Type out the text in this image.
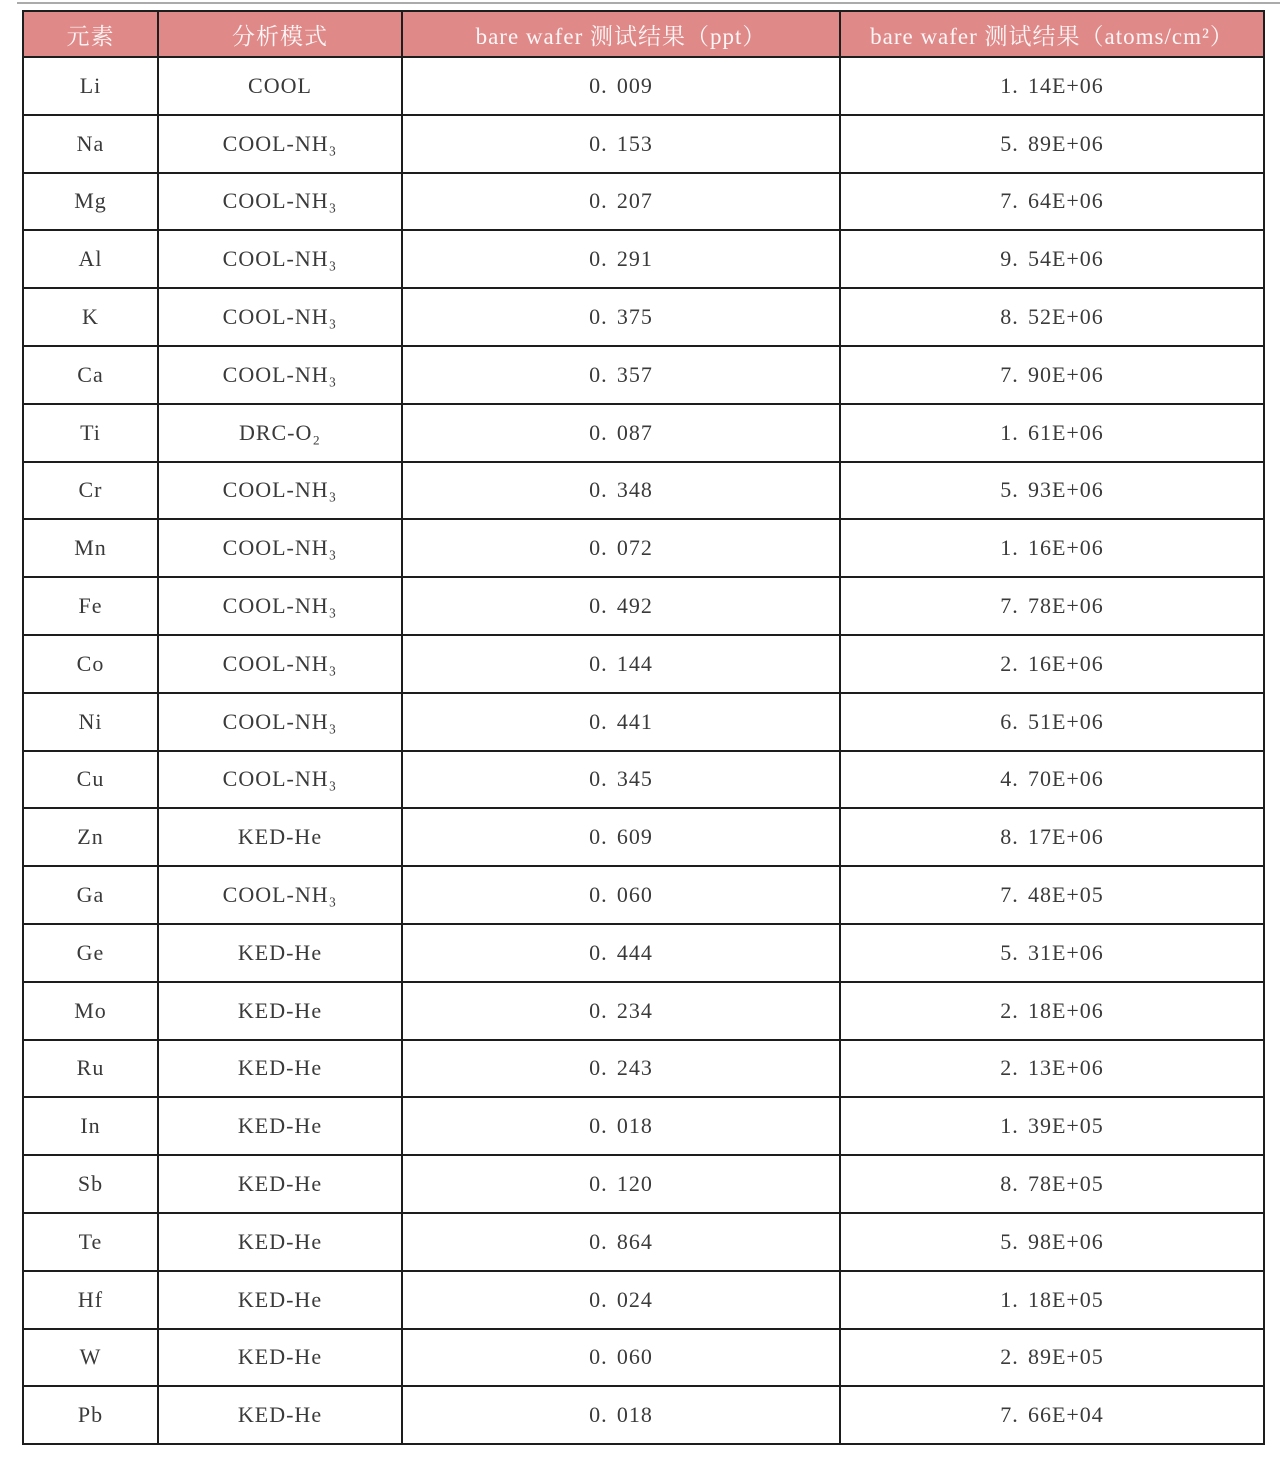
元素	分析模式	bare wafer 测试结果（ppt）	bare wafer 测试结果（atoms/cm²）
Li	COOL	0. 009	1. 14E+06
Na	COOL-NH₃	0. 153	5. 89E+06
Mg	COOL-NH₃	0. 207	7. 64E+06
Al	COOL-NH₃	0. 291	9. 54E+06
K	COOL-NH₃	0. 375	8. 52E+06
Ca	COOL-NH₃	0. 357	7. 90E+06
Ti	DRC-O₂	0. 087	1. 61E+06
Cr	COOL-NH₃	0. 348	5. 93E+06
Mn	COOL-NH₃	0. 072	1. 16E+06
Fe	COOL-NH₃	0. 492	7. 78E+06
Co	COOL-NH₃	0. 144	2. 16E+06
Ni	COOL-NH₃	0. 441	6. 51E+06
Cu	COOL-NH₃	0. 345	4. 70E+06
Zn	KED-He	0. 609	8. 17E+06
Ga	COOL-NH₃	0. 060	7. 48E+05
Ge	KED-He	0. 444	5. 31E+06
Mo	KED-He	0. 234	2. 18E+06
Ru	KED-He	0. 243	2. 13E+06
In	KED-He	0. 018	1. 39E+05
Sb	KED-He	0. 120	8. 78E+05
Te	KED-He	0. 864	5. 98E+06
Hf	KED-He	0. 024	1. 18E+05
W	KED-He	0. 060	2. 89E+05
Pb	KED-He	0. 018	7. 66E+04
